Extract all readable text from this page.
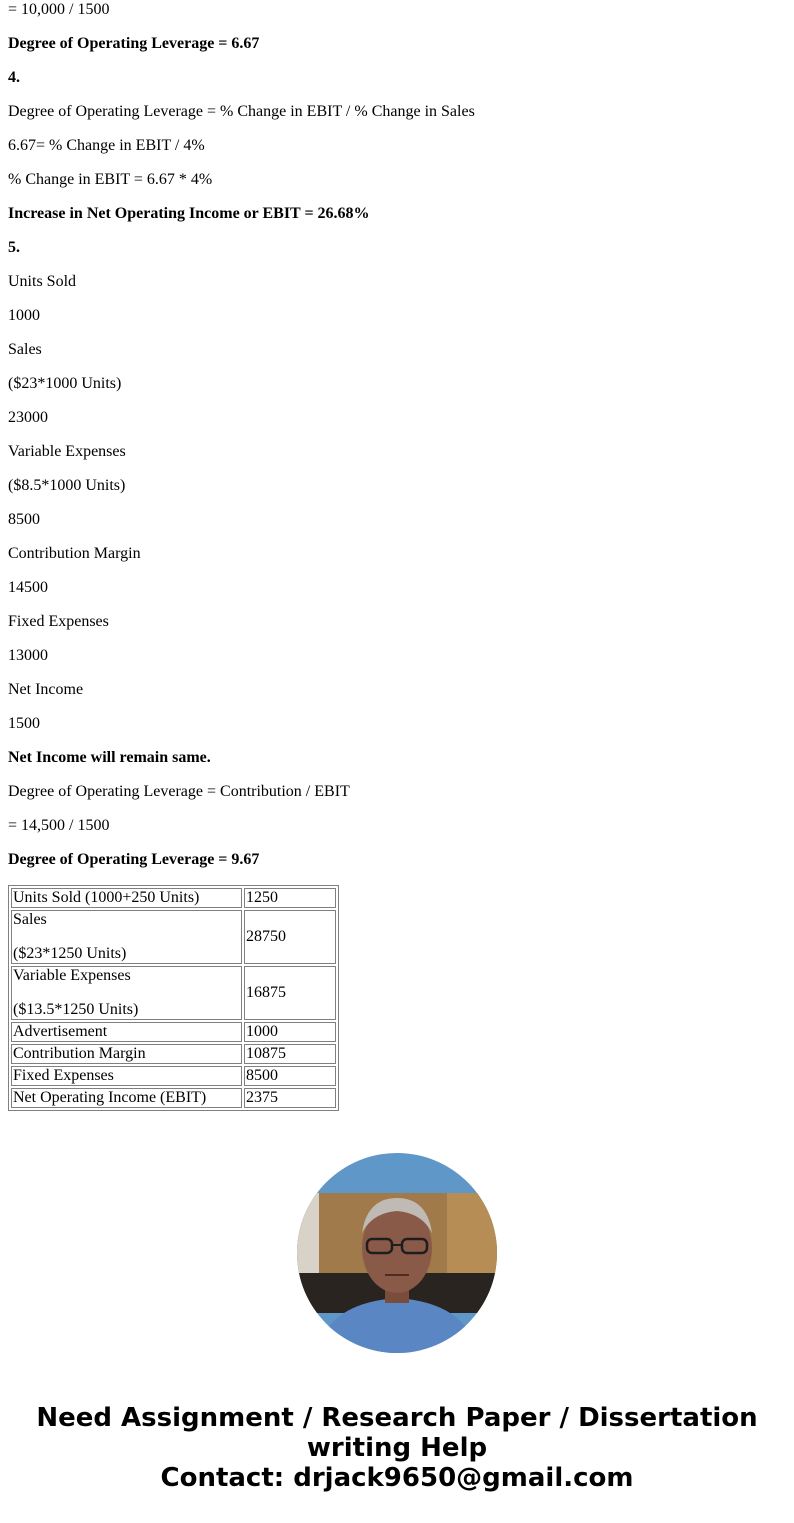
= 10,000 / 1500
Degree of Operating Leverage = 6.67
4.
Degree of Operating Leverage = % Change in EBIT / % Change in Sales
6.67= % Change in EBIT / 4%
% Change in EBIT = 6.67 * 4%
Increase in Net Operating Income or EBIT = 26.68%
5.
Units Sold
1000
Sales
($23*1000 Units)
23000
Variable Expenses
($8.5*1000 Units)
8500
Contribution Margin
14500
Fixed Expenses
13000
Net Income
1500
Net Income will remain same.
Degree of Operating Leverage = Contribution / EBIT
= 14,500 / 1500
Degree of Operating Leverage = 9.67

Units Sold (1000+250 Units)	1250

Sales

($23*1250 Units)	28750

Variable Expenses

($13.5*1250 Units)	16875

Advertisement	1000

Contribution Margin	10875

Fixed Expenses	8500

Net Operating Income (EBIT)	2375
Need Assignment / Research Paper / Dissertation
writing Help
Contact: drjack9650@gmail.com
